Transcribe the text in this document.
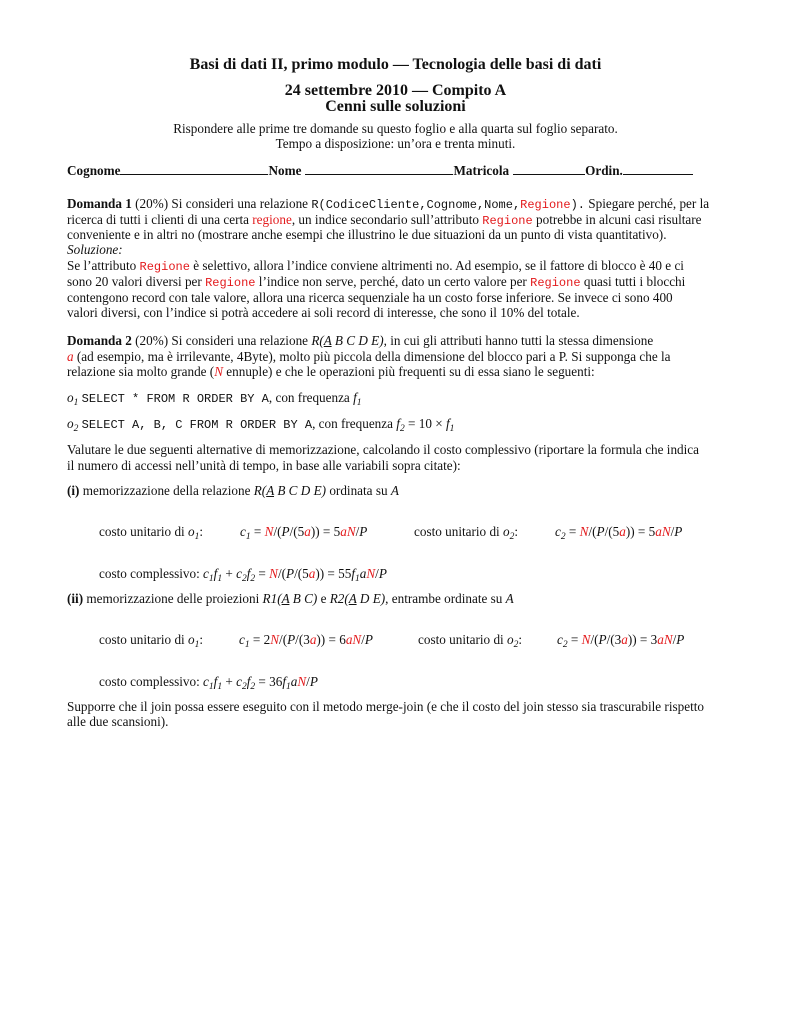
Basi di dati II, primo modulo — Tecnologia delle basi di dati
24 settembre 2010 — Compito A
Cenni sulle soluzioni
Rispondere alle prime tre domande su questo foglio e alla quarta sul foglio separato.
Tempo a disposizione: un’ora e trenta minuti.
Cognome	Nome	Matricola	Ordin.
Domanda 1 (20%) Si consideri una relazione R(CodiceCliente,Cognome,Nome,Regione). Spiegare perché, per la
ricerca di tutti i clienti di una certa regione, un indice secondario sull’attributo Regione potrebbe in alcuni casi risultare
conveniente e in altri no (mostrare anche esempi che illustrino le due situazioni da un punto di vista quantitativo).
Soluzione:
Se l’attributo Regione è selettivo, allora l’indice conviene altrimenti no. Ad esempio, se il fattore di blocco è 40 e ci
sono 20 valori diversi per Regione l’indice non serve, perché, dato un certo valore per Regione quasi tutti i blocchi
contengono record con tale valore, allora una ricerca sequenziale ha un costo forse inferiore. Se invece ci sono 400
valori diversi, con l’indice si potrà accedere ai soli record di interesse, che sono il 10% del totale.
Domanda 2 (20%) Si consideri una relazione R(A B C D E), in cui gli attributi hanno tutti la stessa dimensione
a (ad esempio, ma è irrilevante, 4Byte), molto più piccola della dimensione del blocco pari a P. Si supponga che la
relazione sia molto grande (N ennuple) e che le operazioni più frequenti su di essa siano le seguenti:
$o_1$ SELECT * FROM R ORDER BY A, con frequenza $f_1$
$o_2$ SELECT A, B, C FROM R ORDER BY A, con frequenza $f_2 = 10 \times f_1$
Valutare le due seguenti alternative di memorizzazione, calcolando il costo complessivo (riportare la formula che indica
il numero di accessi nell’unità di tempo, in base alle variabili sopra citate):
(i) memorizzazione della relazione R(A B C D E) ordinata su A
costo unitario di $o_1$:	$c_1 = N/(P/(5a)) = 5aN/P$	costo unitario di $o_2$:	$c_2 = N/(P/(5a)) = 5aN/P$
costo complessivo: $c_1f_1 + c_2f_2 = N/(P/(5a)) = 55f_1aN/P$
(ii) memorizzazione delle proiezioni R1(A B C) e R2(A D E), entrambe ordinate su A
costo unitario di $o_1$:	$c_1 = 2N/(P/(3a)) = 6aN/P$	costo unitario di $o_2$:	$c_2 = N/(P/(3a)) = 3aN/P$
costo complessivo: $c_1f_1 + c_2f_2 = 36f_1aN/P$
Supporre che il join possa essere eseguito con il metodo merge-join (e che il costo del join stesso sia trascurabile rispetto
alle due scansioni).
